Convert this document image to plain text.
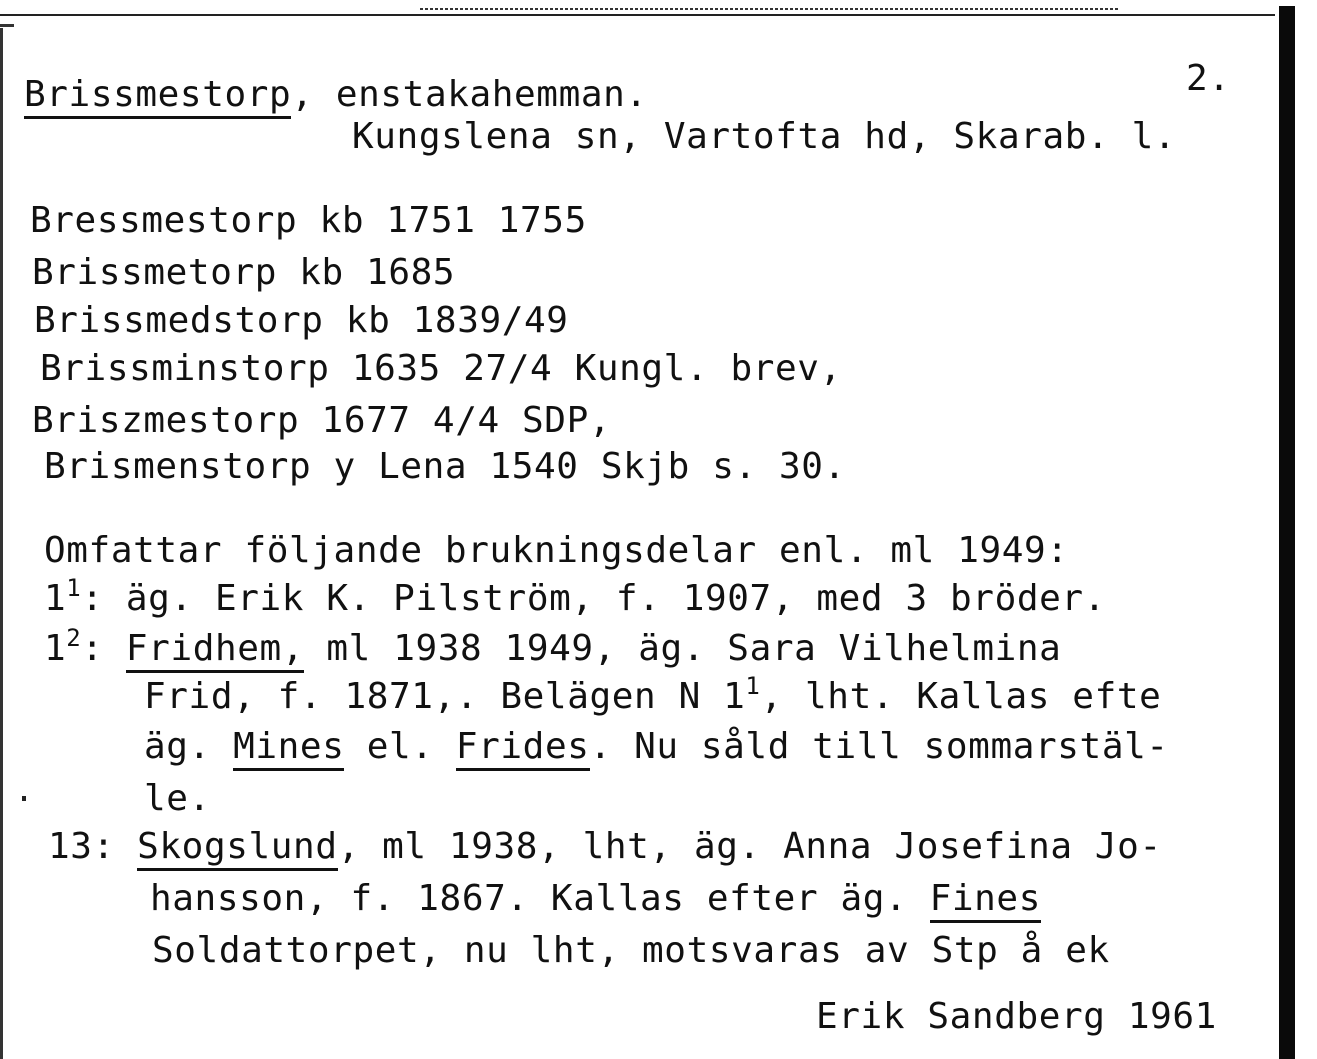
Brissmestorp, enstakahemman.	2.
Kungslena sn, Vartofta hd, Skarab. l.
Bressmestorp kb 1751 1755
Brissmetorp kb 1685
Brissmedstorp kb 1839/49
Brissminstorp 1635 27/4 Kungl. brev,
Briszmestorp 1677 4/4 SDP,
Brismenstorp y Lena 1540 Skjb s. 30.
Omfattar följande brukningsdelar enl. ml 1949:
$1^1$: äg. Erik K. Pilström, f. 1907, med 3 bröder.
$1^2$: Fridhem, ml 1938 1949, äg. Sara Vilhelmina
Frid, f. 1871,. Belägen N $1^1$, lht. Kallas efte
äg. Mines el. Frides. Nu såld till sommarstäl-
le.
13: Skogslund, ml 1938, lht, äg. Anna Josefina Jo-
hansson, f. 1867. Kallas efter äg. Fines
Soldattorpet, nu lht, motsvaras av Stp å ek
Erik Sandberg 1961
